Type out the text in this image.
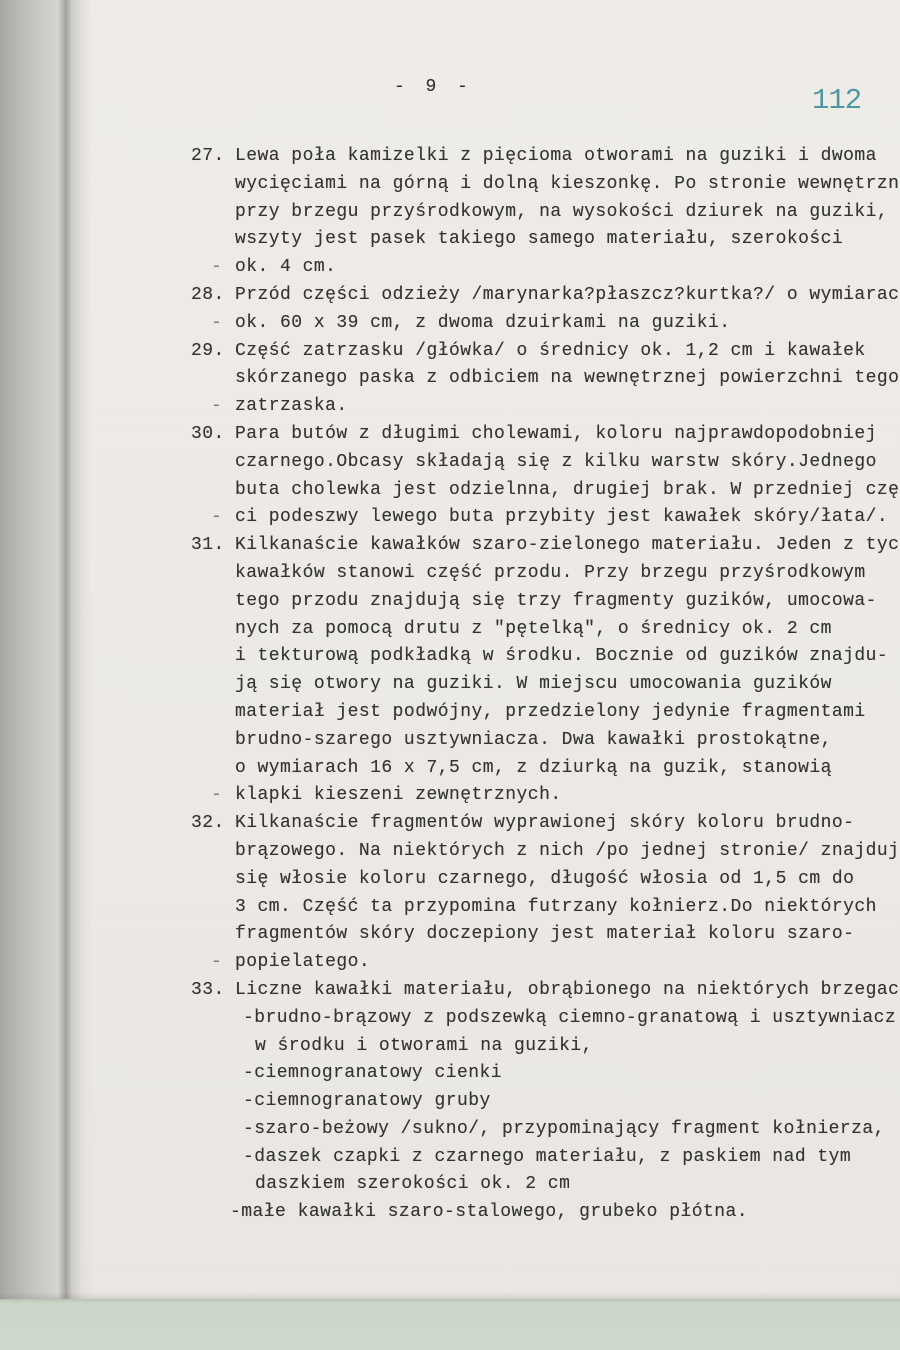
- 9 -	112
27. Lewa poła kamizelki z pięcioma otworami na guziki i dwoma
wycięciami na górną i dolną kieszonkę. Po stronie wewnętrzn
przy brzegu przyśrodkowym, na wysokości dziurek na guziki,
wszyty jest pasek takiego samego materiału, szerokości
ok. 4 cm.
-
28. Przód części odzieży /marynarka?płaszcz?kurtka?/ o wymiarac
ok. 60 x 39 cm, z dwoma dzuirkami na guziki.
-
29. Część zatrzasku /główka/ o średnicy ok. 1,2 cm i kawałek
skórzanego paska z odbiciem na wewnętrznej powierzchni tego
zatrzaska.
-
30. Para butów z długimi cholewami, koloru najprawdopodobniej
czarnego.Obcasy składają się z kilku warstw skóry.Jednego
buta cholewka jest odzielnna, drugiej brak. W przedniej czę
ci podeszwy lewego buta przybity jest kawałek skóry/łata/.
-
31. Kilkanaście kawałków szaro-zielonego materiału. Jeden z tyc
kawałków stanowi część przodu. Przy brzegu przyśrodkowym
tego przodu znajdują się trzy fragmenty guzików, umocowa-
nych za pomocą drutu z "pętelką", o średnicy ok. 2 cm
i tekturową podkładką w środku. Bocznie od guzików znajdu-
ją się otwory na guziki. W miejscu umocowania guzików
materiał jest podwójny, przedzielony jedynie fragmentami
brudno-szarego usztywniacza. Dwa kawałki prostokątne,
o wymiarach 16 x 7,5 cm, z dziurką na guzik, stanowią
klapki kieszeni zewnętrznych.
-
32. Kilkanaście fragmentów wyprawionej skóry koloru brudno-
brązowego. Na niektórych z nich /po jednej stronie/ znajduj
się włosie koloru czarnego, długość włosia od 1,5 cm do
3 cm. Część ta przypomina futrzany kołnierz.Do niektórych
fragmentów skóry doczepiony jest materiał koloru szaro-
popielatego.
-
33. Liczne kawałki materiału, obrąbionego na niektórych brzegac
-brudno-brązowy z podszewką ciemno-granatową i usztywniacz
w środku i otworami na guziki,
-ciemnogranatowy cienki
-ciemnogranatowy gruby
-szaro-beżowy /sukno/, przypominający fragment kołnierza,
-daszek czapki z czarnego materiału, z paskiem nad tym
daszkiem szerokości ok. 2 cm
-małe kawałki szaro-stalowego, grubeko płótna.
